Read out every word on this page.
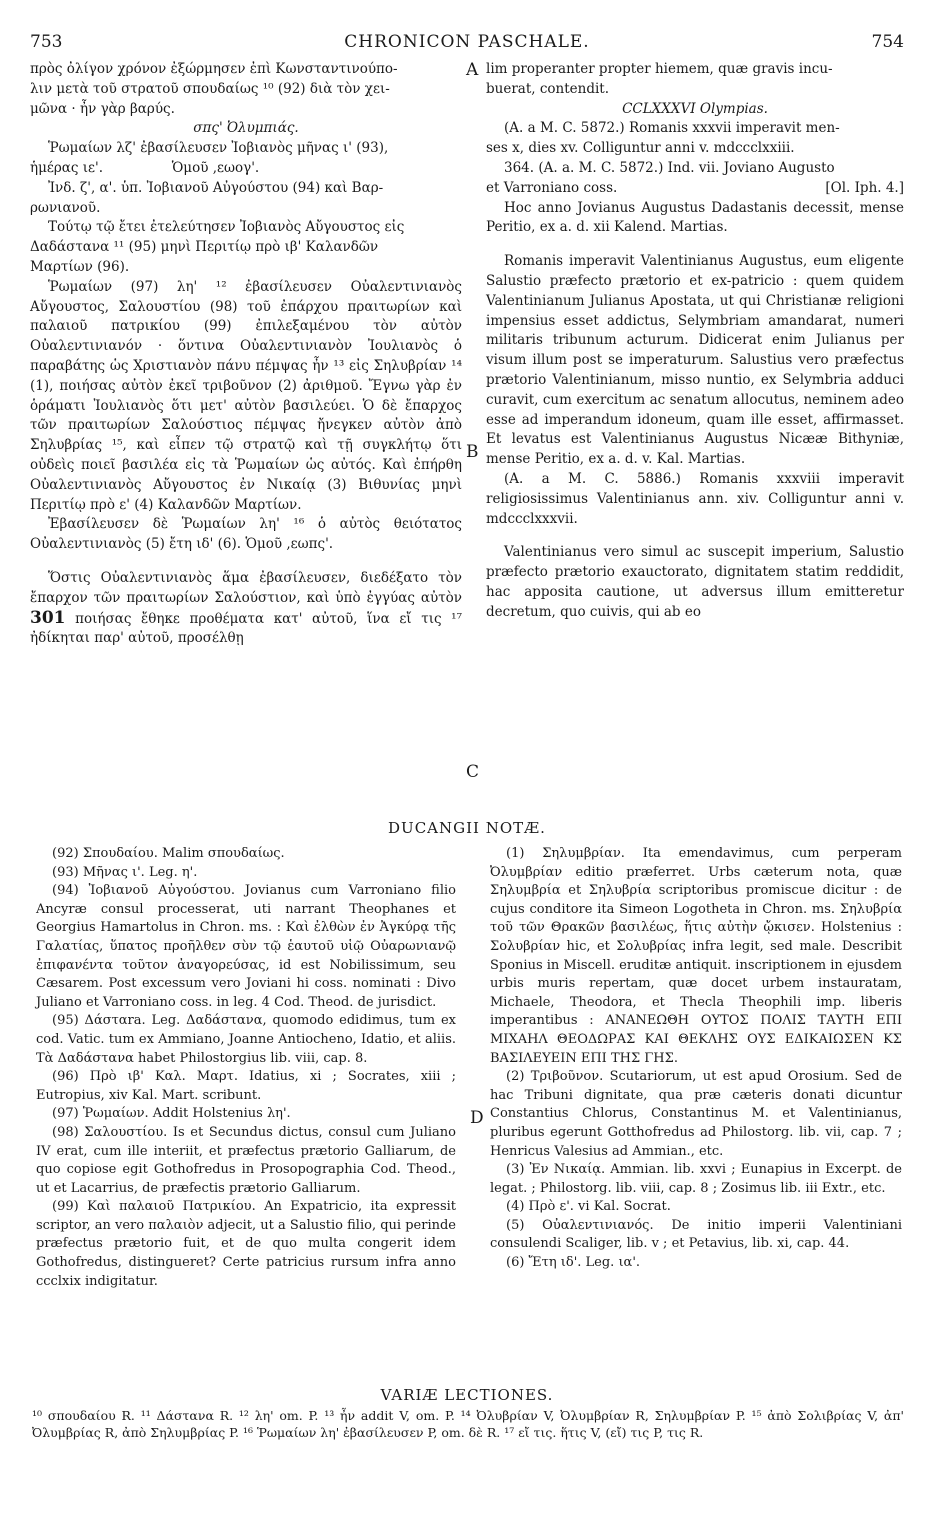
753	CHRONICON PASCHALE.	754

πρὸς ὀλίγον χρόνον ἐξώρμησεν ἐπὶ Κωνσταντινούπο-

λιν μετὰ τοῦ στρατοῦ σπουδαίως ¹⁰ (92) διὰ τὸν χει-

μῶνα · ἦν γὰρ βαρύς.

σπς' Ὀλυμπιάς.

Ῥωμαίων λζ' ἐβασίλευσεν Ἰοβιανὸς μῆνας ι' (93),

ἡμέρας ιε'.                Ὁμοῦ ,εωογ'.

Ἰνδ. ζ', α'. ὑπ. Ἰοβιανοῦ Αὐγούστου (94) καὶ Βαρ-

ρωνιανοῦ.

Τούτῳ τῷ ἔτει ἐτελεύτησεν Ἰοβιανὸς Αὔγουστος εἰς

Δαδάστανα ¹¹ (95) μηνὶ Περιτίῳ πρὸ ιβ' Καλανδῶν

Μαρτίων (96).

Ῥωμαίων (97) λη' ¹² ἐβασίλευσεν Οὐαλεντινιανὸς Αὔγουστος, Σαλουστίου (98) τοῦ ἐπάρχου πραιτωρίων καὶ παλαιοῦ πατρικίου (99) ἐπιλεξαμένου τὸν αὐτὸν Οὐαλεντινιανόν · ὅντινα Οὐαλεντινιανὸν Ἰουλιανὸς ὁ παραβάτης ὡς Χριστιανὸν πάνυ πέμψας ἦν ¹³ εἰς Σηλυβρίαν ¹⁴ (1), ποιήσας αὐτὸν ἐκεῖ τριβοῦνον (2) ἀριθμοῦ. Ἔγνω γὰρ ἐν ὁράματι Ἰουλιανὸς ὅτι μετ' αὐτὸν βασιλεύει. Ὁ δὲ ἔπαρχος τῶν πραιτωρίων Σαλούστιος πέμψας ἤνεγκεν αὐτὸν ἀπὸ Σηλυβρίας ¹⁵, καὶ εἶπεν τῷ στρατῷ καὶ τῇ συγκλήτῳ ὅτι οὐδεὶς ποιεῖ βασιλέα εἰς τὰ Ῥωμαίων ὡς αὐτός. Καὶ ἐπήρθη Οὐαλεντινιανὸς Αὔγουστος ἐν Νικαίᾳ (3) Βιθυνίας μηνὶ Περιτίῳ πρὸ ε' (4) Καλανδῶν Μαρτίων.

Ἐβασίλευσεν δὲ Ῥωμαίων λη' ¹⁶ ὁ αὐτὸς θειότατος Οὐαλεντινιανὸς (5) ἔτη ιδ' (6). Ὁμοῦ ,εωπς'.

Ὅστις Οὐαλεντινιανὸς ἅμα ἐβασίλευσεν, διεδέξατο τὸν ἔπαρχον τῶν πραιτωρίων Σαλούστιον, καὶ ὑπὸ ἐγγύας αὐτὸν 301 ποιήσας ἔθηκε προθέματα κατ' αὐτοῦ, ἵνα εἴ τις ¹⁷ ἠδίκηται παρ' αὐτοῦ, προσέλθῃ

lim properanter propter hiemem, quæ gravis incu-

buerat, contendit.

CCLXXXVI Olympias.

(A. a M. C. 5872.) Romanis xxxvii imperavit men-

ses x, dies xv. Colliguntur anni v. mdccclxxiii.

364. (A. a. M. C. 5872.) Ind. vii. Joviano Augusto

et Varroniano coss.	[Ol. Iph. 4.]

Hoc anno Jovianus Augustus Dadastanis decessit, mense Peritio, ex a. d. xii Kalend. Martias.

Romanis imperavit Valentinianus Augustus, eum eligente Salustio præfecto prætorio et ex-patricio : quem quidem Valentinianum Julianus Apostata, ut qui Christianæ religioni impensius esset addictus, Selymbriam amandarat, numeri militaris tribunum acturum. Didicerat enim Julianus per visum illum post se imperaturum. Salustius vero præfectus prætorio Valentinianum, misso nuntio, ex Selymbria adduci curavit, cum exercitum ac senatum allocutus, neminem adeo esse ad imperandum idoneum, quam ille esset, affirmasset. Et levatus est Valentinianus Augustus Nicææ Bithyniæ, mense Peritio, ex a. d. v. Kal. Martias.

(A. a M. C. 5886.) Romanis xxxviii imperavit religiosissimus Valentinianus ann. xiv. Colliguntur anni v. mdccclxxxvii.

Valentinianus vero simul ac suscepit imperium, Salustio præfecto prætorio exauctorato, dignitatem statim reddidit, hac apposita cautione, ut adversus illum emitteretur decretum, quo cuivis, qui ab eo

A
B
C
D
DUCANGII NOTÆ.

(92) Σπουδαίου. Malim σπουδαίως.

(93) Μῆνας ι'. Leg. η'.

(94) Ἰοβιανοῦ Αὐγούστου. Jovianus cum Varroniano filio Ancyræ consul processerat, uti narrant Theophanes et Georgius Hamartolus in Chron. ms. : Καὶ ἐλθὼν ἐν Ἀγκύρᾳ τῆς Γαλατίας, ὕπατος προῆλθεν σὺν τῷ ἑαυτοῦ υἱῷ Οὐαρωνιανῷ ἐπιφανέντα τοῦτον ἀναγορεύσας, id est Nobilissimum, seu Cæsarem. Post excessum vero Joviani hi coss. nominati : Divo Juliano et Varroniano coss. in leg. 4 Cod. Theod. de jurisdict.

(95) Δάσταra. Leg. Δαδάστανα, quomodo edidimus, tum ex cod. Vatic. tum ex Ammiano, Joanne Antiocheno, Idatio, et aliis. Τὰ Δαδάστανα habet Philostorgius lib. viii, cap. 8.

(96) Πρὸ ιβ' Καλ. Μαρτ. Idatius, xi ; Socrates, xiii ; Eutropius, xiv Kal. Mart. scribunt.

(97) Ῥωμαίων. Addit Holstenius λη'.

(98) Σαλουστίου. Is et Secundus dictus, consul cum Juliano IV erat, cum ille interiit, et præfectus prætorio Galliarum, de quo copiose egit Gothofredus in Prosopographia Cod. Theod., ut et Lacarrius, de præfectis prætorio Galliarum.

(99) Καὶ παλαιοῦ Πατρικίου. An Expatricio, ita expressit scriptor, an vero παλαιὸν adjecit, ut a Salustio filio, qui perinde præfectus prætorio fuit, et de quo multa congerit idem Gothofredus, distingueret? Certe patricius rursum infra anno ccclxix indigitatur.

(1) Σηλυμβρίαν. Ita emendavimus, cum perperam Ὀλυμβρίαν editio præferret. Urbs cæterum nota, quæ Σηλυμβρία et Σηλυβρία scriptoribus promiscue dicitur : de cujus conditore ita Simeon Logotheta in Chron. ms. Σηλυβρία τοῦ τῶν Θρακῶν βασιλέως, ἥτις αὐτὴν ᾤκισεν. Holstenius : Σολυβρίαν hic, et Σολυβρίας infra legit, sed male. Describit Sponius in Miscell. eruditæ antiquit. inscriptionem in ejusdem urbis muris repertam, quæ docet urbem instauratam, Michaele, Theodora, et Thecla Theophili imp. liberis imperantibus : ΑΝΑΝΕΩΘΗ ΟΥΤΟΣ ΠΟΛΙΣ ΤΑΥΤΗ ΕΠΙ ΜΙΧΑΗΛ ΘΕΟΔΩΡΑΣ ΚΑΙ ΘΕΚΛΗΣ ΟΥΣ ΕΔΙΚΑΙΩΣΕΝ ΚΣ ΒΑΣΙΛΕΥΕΙΝ ΕΠΙ ΤΗΣ ΓΗΣ.

(2) Τριβοῦνον. Scutariorum, ut est apud Orosium. Sed de hac Tribuni dignitate, qua præ cæteris donati dicuntur Constantius Chlorus, Constantinus M. et Valentinianus, pluribus egerunt Gotthofredus ad Philostorg. lib. vii, cap. 7 ; Henricus Valesius ad Ammian., etc.

(3) Ἐν Νικαίᾳ. Ammian. lib. xxvi ; Eunapius in Excerpt. de legat. ; Philostorg. lib. viii, cap. 8 ; Zosimus lib. iii Extr., etc.

(4) Πρὸ ε'. vi Kal. Socrat.

(5) Οὐαλεντινιανός. De initio imperii Valentiniani consulendi Scaliger, lib. v ; et Petavius, lib. xi, cap. 44.

(6) Ἔτη ιδ'. Leg. ια'.

VARIÆ LECTIONES.

¹⁰ σπουδαίου R. ¹¹ Δάστανα R. ¹² λη' om. P. ¹³ ἦν addit V, om. P. ¹⁴ Ὀλυβρίαν V, Ὀλυμβρίαν R, Σηλυμβρίαν P. ¹⁵ ἀπὸ Σολιβρίας V, ἀπ' Ὀλυμβρίας R, ἀπὸ Σηλυμβρίας P. ¹⁶ Ῥωμαίων λη' ἐβασίλευσεν P, om. δὲ R. ¹⁷ εἴ τις. ἥτις V, (εἴ) τις P, τις R.
